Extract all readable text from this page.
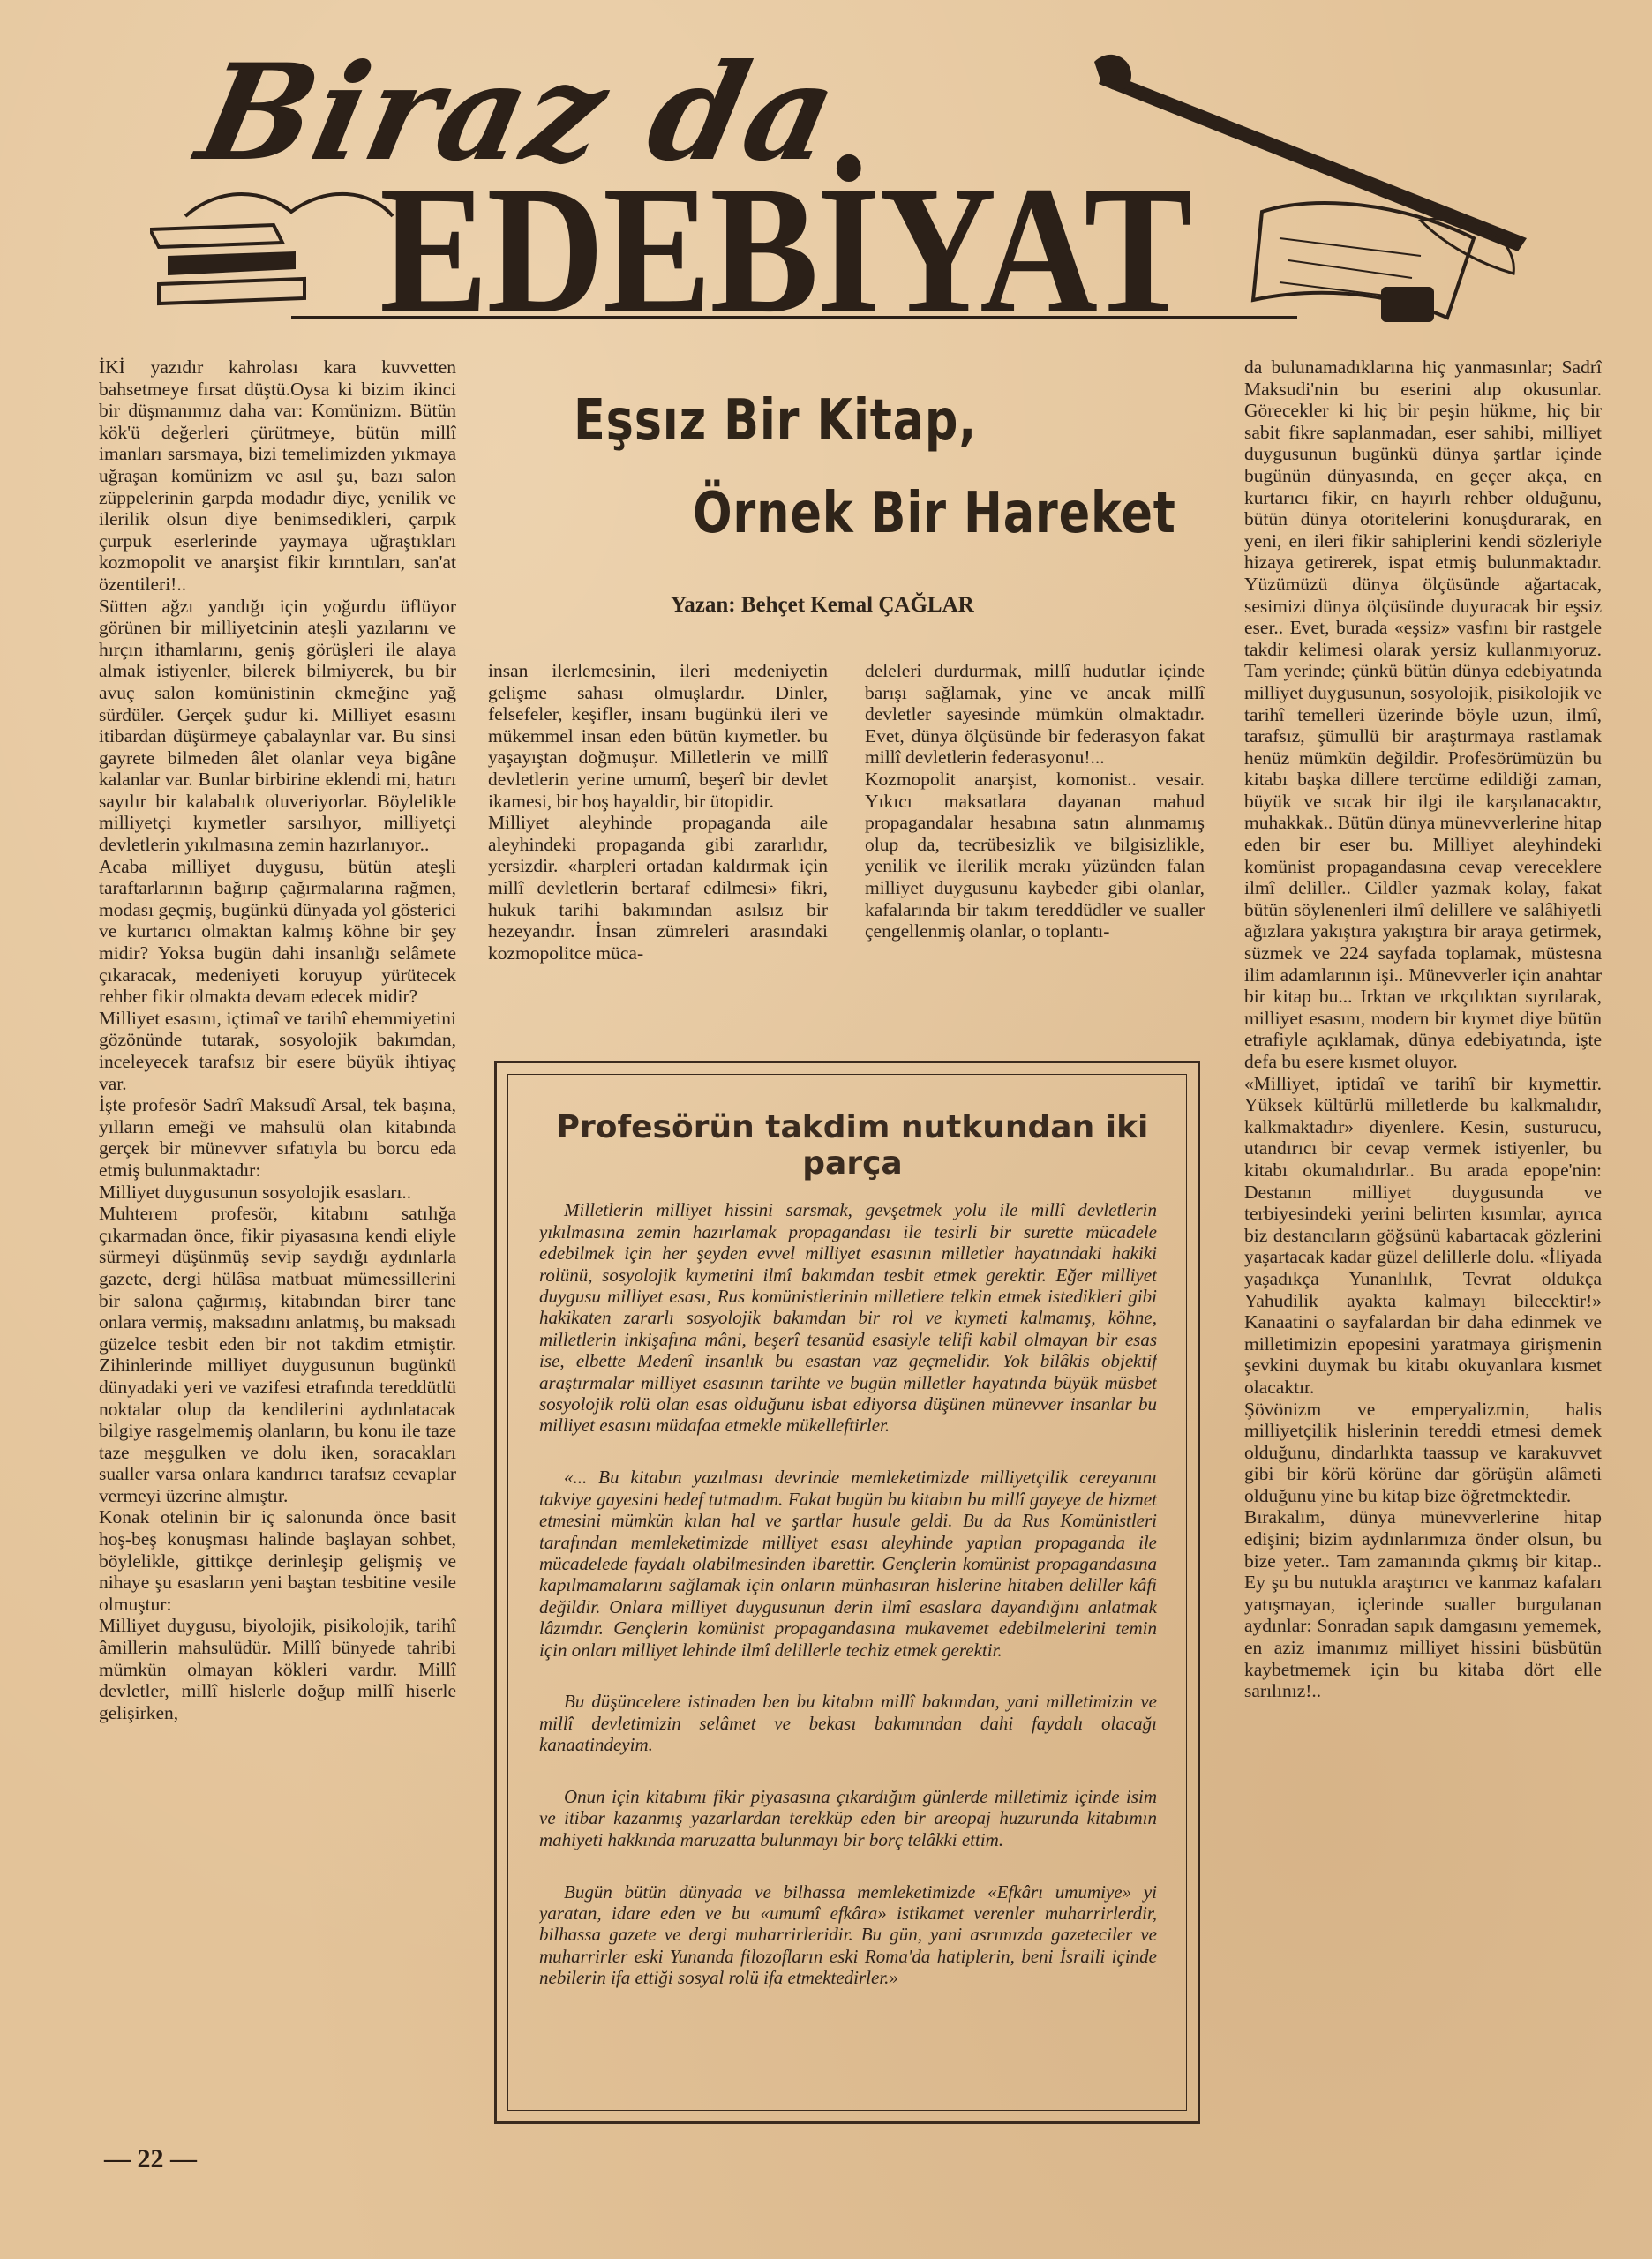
Biraz da
EDEBİYAT
Eşsız Bir Kitap,
Örnek Bir Hareket
Yazan: Behçet Kemal ÇAĞLAR
İKİ yazıdır kahrolası kara kuvvetten bahsetmeye fırsat düştü.Oysa ki bizim ikinci bir düşmanımız daha var: Komünizm. Bütün kök'ü değerleri çürütmeye, bütün millî imanları sarsmaya, bizi temelimizden yıkmaya uğraşan komünizm ve asıl şu, bazı salon züppelerinin garpda modadır diye, yenilik ve ilerilik olsun diye benimsedikleri, çarpık çurpuk eserlerinde yaymaya uğraştıkları kozmopolit ve anarşist fikir kırıntıları, san'at özentileri!..
Sütten ağzı yandığı için yoğurdu üflüyor görünen bir milliyetcinin ateşli yazılarını ve hırçın ithamlarını, geniş görüşleri ile alaya almak istiyenler, bilerek bilmiyerek, bu bir avuç salon komünistinin ekmeğine yağ sürdüler. Gerçek şudur ki. Milliyet esasını itibardan düşürmeye çabalaynlar var. Bu sinsi gayrete bilmeden âlet olanlar veya bigâne kalanlar var. Bunlar birbirine eklendi mi, hatırı sayılır bir kalabalık oluveriyorlar. Böylelikle milliyetçi kıymetler sarsılıyor, milliyetçi devletlerin yıkılmasına zemin hazırlanıyor..
Acaba milliyet duygusu, bütün ateşli taraftarlarının bağırıp çağırmalarına rağmen, modası geçmiş, bugünkü dünyada yol gösterici ve kurtarıcı olmaktan kalmış köhne bir şey midir? Yoksa bugün dahi insanlığı selâmete çıkaracak, medeniyeti koruyup yürütecek rehber fikir olmakta devam edecek midir?
Milliyet esasını, içtimaî ve tarihî ehemmiyetini gözönünde tutarak, sosyolojik bakımdan, inceleyecek tarafsız bir esere büyük ihtiyaç var.
İşte profesör Sadrî Maksudî Arsal, tek başına, yılların emeği ve mahsulü olan kitabında gerçek bir münevver sıfatıyla bu borcu eda etmiş bulunmaktadır:
Milliyet duygusunun sosyolojik esasları..
Muhterem profesör, kitabını satılığa çıkarmadan önce, fikir piyasasına kendi eliyle sürmeyi düşünmüş sevip saydığı aydınlarla gazete, dergi hülâsa matbuat mümessillerini bir salona çağırmış, kitabından birer tane onlara vermiş, maksadını anlatmış, bu maksadı güzelce tesbit eden bir not takdim etmiştir. Zihinlerinde milliyet duygusunun bugünkü dünyadaki yeri ve vazifesi etrafında tereddütlü noktalar olup da kendilerini aydınlatacak bilgiye rasgelmemiş olanların, bu konu ile taze taze meşgulken ve dolu iken, soracakları sualler varsa onlara kandırıcı tarafsız cevaplar vermeyi üzerine almıştır.
Konak otelinin bir iç salonunda önce basit hoş-beş konuşması halinde başlayan sohbet, böylelikle, gittikçe derinleşip gelişmiş ve nihaye şu esasların yeni baştan tesbitine vesile olmuştur:
Milliyet duygusu, biyolojik, pisikolojik, tarihî âmillerin mahsulüdür. Millî bünyede tahribi mümkün olmayan kökleri vardır. Millî devletler, millî hislerle doğup millî hiserle gelişirken,
insan ilerlemesinin, ileri medeniyetin gelişme sahası olmuşlardır. Dinler, felsefeler, keşifler, insanı bugünkü ileri ve mükemmel insan eden bütün kıymetler. bu yaşayıştan doğmuşur. Milletlerin ve millî devletlerin yerine umumî, beşerî bir devlet ikamesi, bir boş hayaldir, bir ütopidir.
Milliyet aleyhinde propaganda aile aleyhindeki propaganda gibi zararlıdır, yersizdir. «harpleri ortadan kaldırmak için millî devletlerin bertaraf edilmesi» fikri, hukuk tarihi bakımından asılsız bir hezeyandır. İnsan zümreleri arasındaki kozmopolitce müca-
deleleri durdurmak, millî hudutlar içinde barışı sağlamak, yine ve ancak millî devletler sayesinde mümkün olmaktadır. Evet, dünya ölçüsünde bir federasyon fakat millî devletlerin federasyonu!...
Kozmopolit anarşist, komonist.. vesair. Yıkıcı maksatlara dayanan mahud propagandalar hesabına satın alınmamış olup da, tecrübesizlik ve bilgisizlikle, yenilik ve ilerilik merakı yüzünden falan milliyet duygusunu kaybeder gibi olanlar, kafalarında bir takım tereddüdler ve sualler çengellenmiş olanlar, o toplantı-
da bulunamadıklarına hiç yanmasınlar; Sadrî Maksudi'nin bu eserini alıp okusunlar. Görecekler ki hiç bir peşin hükme, hiç bir sabit fikre saplanmadan, eser sahibi, milliyet duygusunun bugünkü dünya şartlar içinde bugünün dünyasında, en geçer akça, en kurtarıcı fikir, en hayırlı rehber olduğunu, bütün dünya otoritelerini konuşdurarak, en yeni, en ileri fikir sahiplerini kendi sözleriyle hizaya getirerek, ispat etmiş bulunmaktadır. Yüzümüzü dünya ölçüsünde ağartacak, sesimizi dünya ölçüsünde duyuracak bir eşsiz eser.. Evet, burada «eşsiz» vasfını bir rastgele takdir kelimesi olarak yersiz kullanmıyoruz. Tam yerinde; çünkü bütün dünya edebiyatında milliyet duygusunun, sosyolojik, pisikolojik ve tarihî temelleri üzerinde böyle uzun, ilmî, tarafsız, şümullü bir araştırmaya rastlamak henüz mümkün değildir. Profesörümüzün bu kitabı başka dillere tercüme edildiği zaman, büyük ve sıcak bir ilgi ile karşılanacaktır, muhakkak.. Bütün dünya münevverlerine hitap eden bir eser bu. Milliyet aleyhindeki komünist propagandasına cevap vereceklere ilmî deliller.. Cildler yazmak kolay, fakat bütün söylenenleri ilmî delillere ve salâhiyetli ağızlara yakıştıra yakıştıra bir araya getirmek, süzmek ve 224 sayfada toplamak, müstesna ilim adamlarının işi.. Münevverler için anahtar bir kitap bu... Irktan ve ırkçılıktan sıyrılarak, milliyet esasını, modern bir kıymet diye bütün etrafiyle açıklamak, dünya edebiyatında, işte defa bu esere kısmet oluyor.
«Milliyet, iptidaî ve tarihî bir kıymettir. Yüksek kültürlü milletlerde bu kalkmalıdır, kalkmaktadır» diyenlere. Kesin, susturucu, utandırıcı bir cevap vermek istiyenler, bu kitabı okumalıdırlar.. Bu arada epope'nin: Destanın milliyet duygusunda ve terbiyesindeki yerini belirten kısımlar, ayrıca biz destancıların göğsünü kabartacak gözlerini yaşartacak kadar güzel delillerle dolu. «İliyada yaşadıkça Yunanlılık, Tevrat oldukça Yahudilik ayakta kalmayı bilecektir!» Kanaatini o sayfalardan bir daha edinmek ve milletimizin epopesini yaratmaya girişmenin şevkini duymak bu kitabı okuyanlara kısmet olacaktır.
Şövönizm ve emperyalizmin, halis milliyetçilik hislerinin tereddi etmesi demek olduğunu, dindarlıkta taassup ve karakuvvet gibi bir körü körüne dar görüşün alâmeti olduğunu yine bu kitap bize öğretmektedir.
Bırakalım, dünya münevverlerine hitap edişini; bizim aydınlarımıza önder olsun, bu bize yeter.. Tam zamanında çıkmış bir kitap.. Ey şu bu nutukla araştırıcı ve kanmaz kafaları yatışmayan, içlerinde sualler burgulanan aydınlar: Sonradan sapık damgasını yememek, en aziz imanımız milliyet hissini büsbütün kaybetmemek için bu kitaba dört elle sarılınız!..
Profesörün takdim nutkundan iki parça

Milletlerin milliyet hissini sarsmak, gevşetmek yolu ile millî devletlerin yıkılmasına zemin hazırlamak propagandası ile tesirli bir surette mücadele edebilmek için her şeyden evvel milliyet esasının milletler hayatındaki hakiki rolünü, sosyolojik kıymetini ilmî bakımdan tesbit etmek gerektir. Eğer milliyet duygusu milliyet esası, Rus komünistlerinin milletlere telkin etmek istedikleri gibi hakikaten zararlı sosyolojik bakımdan bir rol ve kıymeti kalmamış, köhne, milletlerin inkişafına mâni, beşerî tesanüd esasiyle telifi kabil olmayan bir esas ise, elbette Medenî insanlık bu esastan vaz geçmelidir. Yok bilâkis objektif araştırmalar milliyet esasının tarihte ve bugün milletler hayatında büyük müsbet sosyolojik rolü olan esas olduğunu isbat ediyorsa düşünen münevver insanlar bu milliyet esasını müdafaa etmekle mükelleftirler.

«... Bu kitabın yazılması devrinde memleketimizde milliyetçilik cereyanını takviye gayesini hedef tutmadım. Fakat bugün bu kitabın bu millî gayeye de hizmet etmesini mümkün kılan hal ve şartlar husule geldi. Bu da Rus Komünistleri tarafından memleketimizde milliyet esası aleyhinde yapılan propaganda ile mücadelede faydalı olabilmesinden ibarettir. Gençlerin komünist propagandasına kapılmamalarını sağlamak için onların münhasıran hislerine hitaben deliller kâfi değildir. Onlara milliyet duygusunun derin ilmî esaslara dayandığını anlatmak lâzımdır. Gençlerin komünist propagandasına mukavemet edebilmelerini temin için onları milliyet lehinde ilmî delillerle techiz etmek gerektir.

Bu düşüncelere istinaden ben bu kitabın millî bakımdan, yani milletimizin ve millî devletimizin selâmet ve bekası bakımından dahi faydalı olacağı kanaatindeyim.

Onun için kitabımı fikir piyasasına çıkardığım günlerde milletimiz içinde isim ve itibar kazanmış yazarlardan terekküp eden bir areopaj huzurunda kitabımın mahiyeti hakkında maruzatta bulunmayı bir borç telâkki ettim.

Bugün bütün dünyada ve bilhassa memleketimizde «Efkârı umumiye» yi yaratan, idare eden ve bu «umumî efkâra» istikamet verenler muharrirlerdir, bilhassa gazete ve dergi muharrirleridir. Bu gün, yani asrımızda gazeteciler ve muharrirler eski Yunanda filozofların eski Roma'da hatiplerin, beni İsraili içinde nebilerin ifa ettiği sosyal rolü ifa etmektedirler.»

— 22 —
